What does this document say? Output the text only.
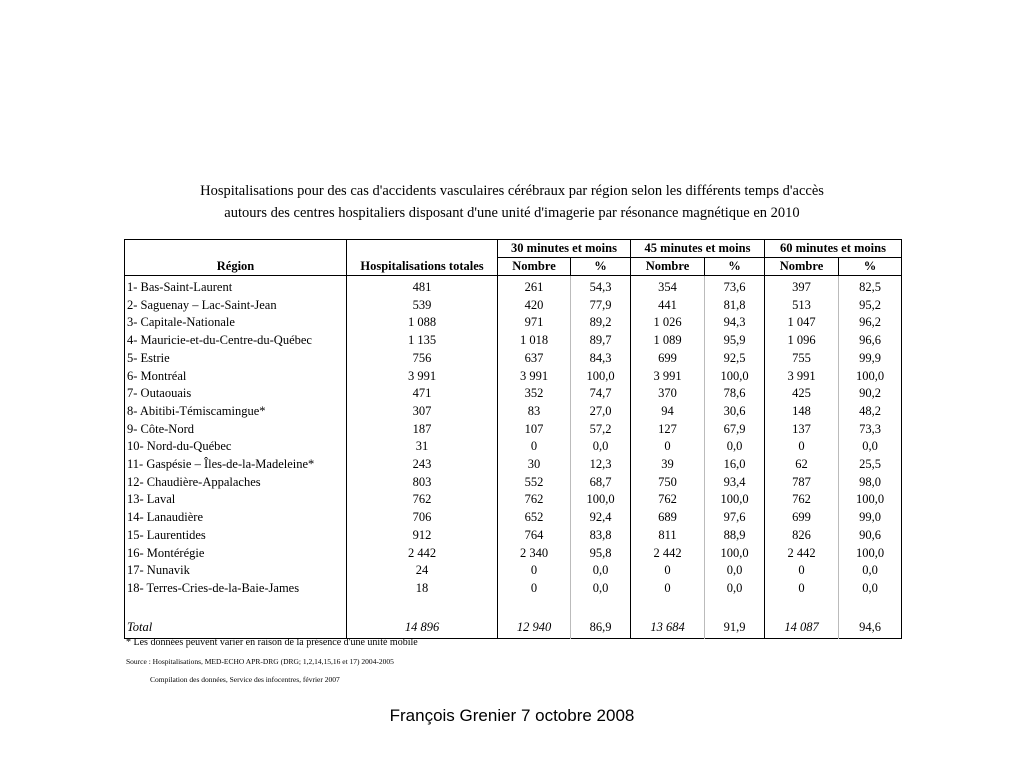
Hospitalisations pour des cas d'accidents vasculaires cérébraux par région selon les différents temps d'accès
autours des centres hospitaliers disposant d'une unité d'imagerie par résonance magnétique en 2010
		30 minutes et moins		45 minutes et moins		60 minutes et moins	
Région	Hospitalisations totales	Nombre	%	Nombre	%	Nombre	%
1- Bas-Saint-Laurent	481	261	54,3	354	73,6	397	82,5
2- Saguenay – Lac-Saint-Jean	539	420	77,9	441	81,8	513	95,2
3- Capitale-Nationale	1 088	971	89,2	1 026	94,3	1 047	96,2
4- Mauricie-et-du-Centre-du-Québec	1 135	1 018	89,7	1 089	95,9	1 096	96,6
5- Estrie	756	637	84,3	699	92,5	755	99,9
6- Montréal	3 991	3 991	100,0	3 991	100,0	3 991	100,0
7- Outaouais	471	352	74,7	370	78,6	425	90,2
8- Abitibi-Témiscamingue*	307	83	27,0	94	30,6	148	48,2
9- Côte-Nord	187	107	57,2	127	67,9	137	73,3
10- Nord-du-Québec	31	0	0,0	0	0,0	0	0,0
11- Gaspésie – Îles-de-la-Madeleine*	243	30	12,3	39	16,0	62	25,5
12- Chaudière-Appalaches	803	552	68,7	750	93,4	787	98,0
13- Laval	762	762	100,0	762	100,0	762	100,0
14- Lanaudière	706	652	92,4	689	97,6	699	99,0
15- Laurentides	912	764	83,8	811	88,9	826	90,6
16- Montérégie	2 442	2 340	95,8	2 442	100,0	2 442	100,0
17- Nunavik	24	0	0,0	0	0,0	0	0,0
18- Terres-Cries-de-la-Baie-James	18	0	0,0	0	0,0	0	0,0

Total	14 896	12 940	86,9	13 684	91,9	14 087	94,6
* Les données peuvent varier en raison de la présence d'une unité mobile
Source : Hospitalisations, MED-ECHO APR-DRG (DRG; 1,2,14,15,16 et 17) 2004-2005
Compilation des données, Service des infocentres, février 2007
François Grenier 7 octobre 2008
